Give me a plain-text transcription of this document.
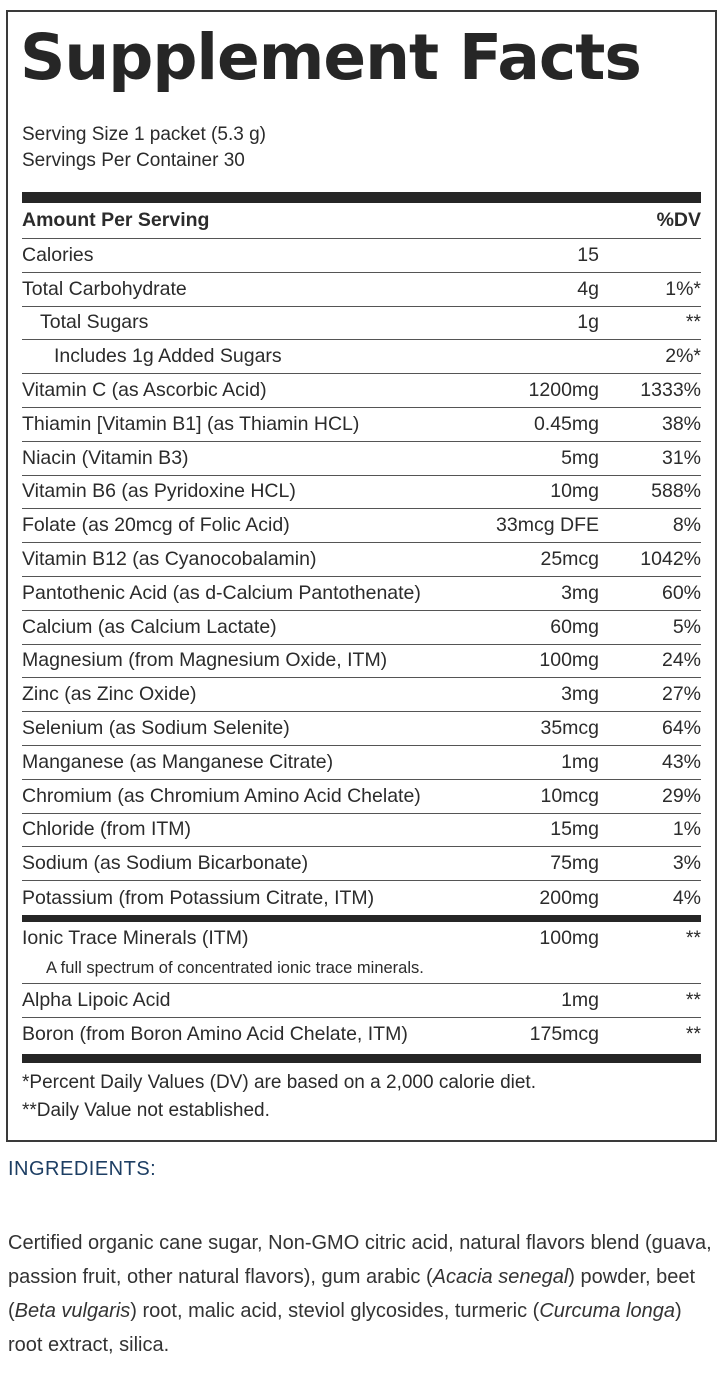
Supplement Facts
Serving Size 1 packet (5.3 g)
Servings Per Container 30
Amount Per Serving	%DV
Calories	15
Total Carbohydrate	4g	1%*
Total Sugars	1g	**
Includes 1g Added Sugars	2%*
Vitamin C (as Ascorbic Acid)	1200mg	1333%
Thiamin [Vitamin B1] (as Thiamin HCL)	0.45mg	38%
Niacin (Vitamin B3)	5mg	31%
Vitamin B6 (as Pyridoxine HCL)	10mg	588%
Folate (as 20mcg of Folic Acid)	33mcg DFE	8%
Vitamin B12 (as Cyanocobalamin)	25mcg	1042%
Pantothenic Acid (as d-Calcium Pantothenate)	3mg	60%
Calcium (as Calcium Lactate)	60mg	5%
Magnesium (from Magnesium Oxide, ITM)	100mg	24%
Zinc (as Zinc Oxide)	3mg	27%
Selenium (as Sodium Selenite)	35mcg	64%
Manganese (as Manganese Citrate)	1mg	43%
Chromium (as Chromium Amino Acid Chelate)	10mcg	29%
Chloride (from ITM)	15mg	1%
Sodium (as Sodium Bicarbonate)	75mg	3%
Potassium (from Potassium Citrate, ITM)	200mg	4%
Ionic Trace Minerals (ITM)	100mg	**
A full spectrum of concentrated ionic trace minerals.
Alpha Lipoic Acid	1mg	**
Boron (from Boron Amino Acid Chelate, ITM)	175mcg	**
*Percent Daily Values (DV) are based on a 2,000 calorie diet.
**Daily Value not established.
INGREDIENTS:
Certified organic cane sugar, Non-GMO citric acid, natural flavors blend (guava, passion fruit, other natural flavors), gum arabic (Acacia senegal) powder, beet (Beta vulgaris) root, malic acid, steviol glycosides, turmeric (Curcuma longa) root extract, silica.
